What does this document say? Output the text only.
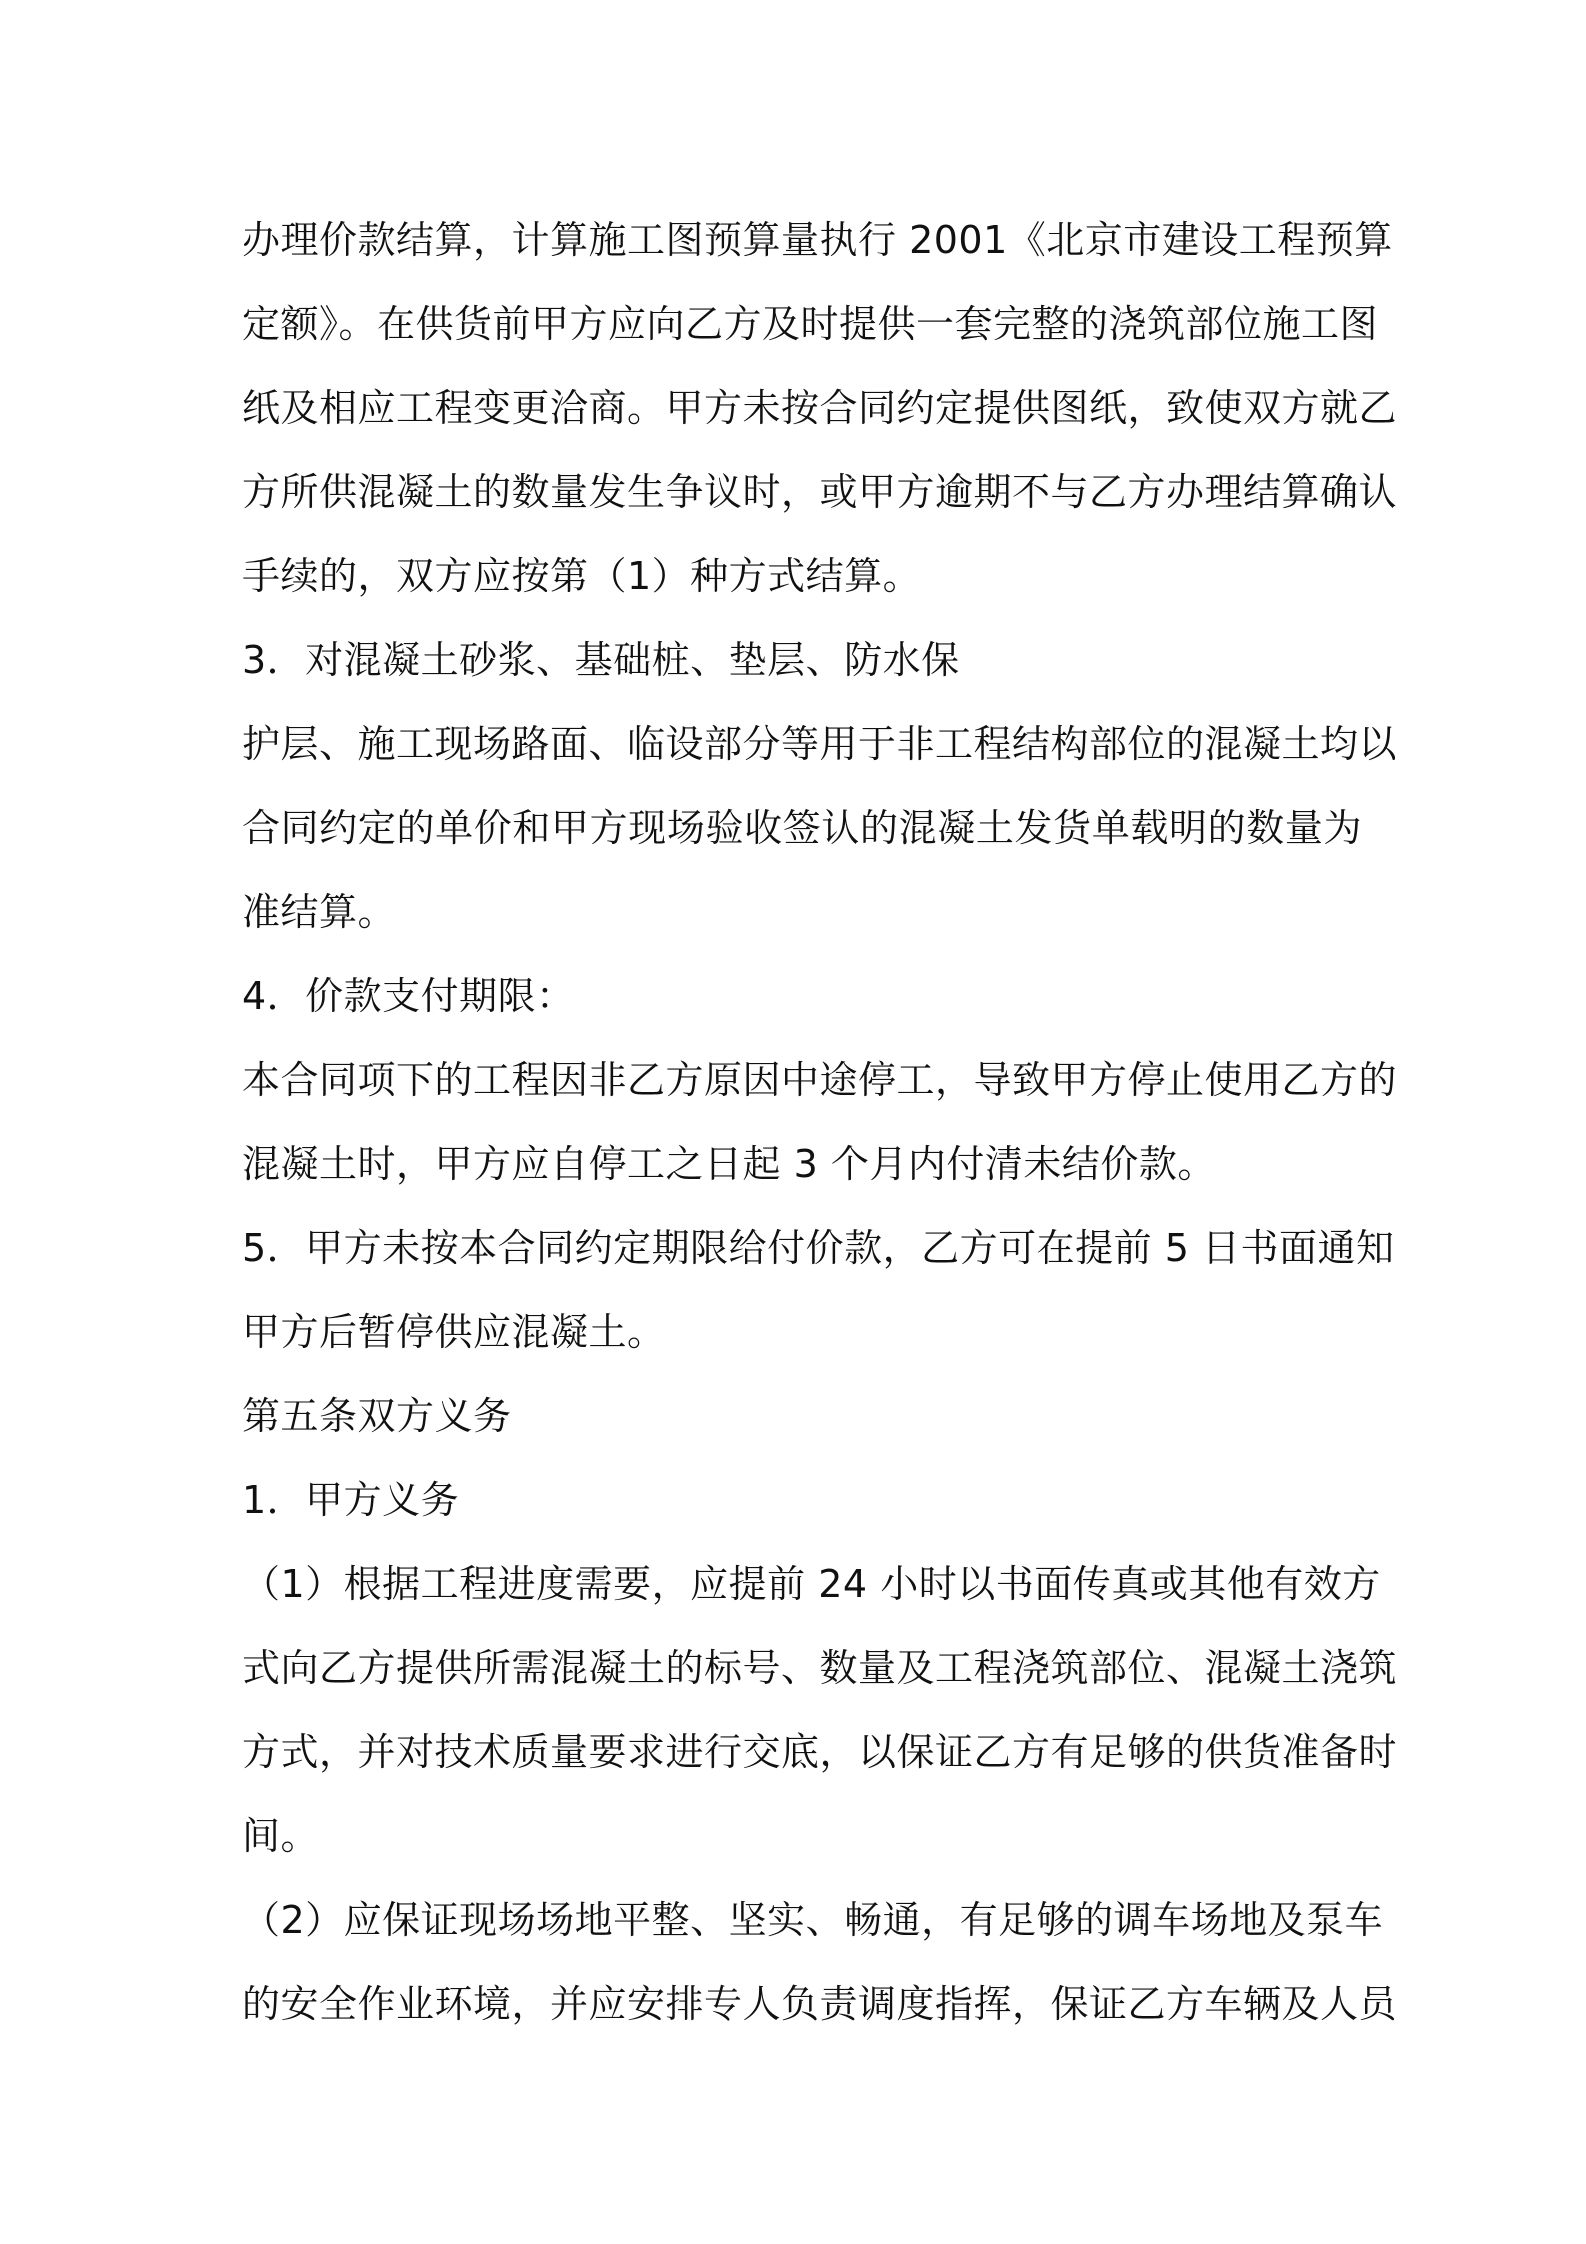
办理价款结算，计算施工图预算量执行 2001《北京市建设工程预算
定额》。在供货前甲方应向乙方及时提供一套完整的浇筑部位施工图
纸及相应工程变更洽商。甲方未按合同约定提供图纸，致使双方就乙
方所供混凝土的数量发生争议时，或甲方逾期不与乙方办理结算确认
手续的，双方应按第（1）种方式结算。
3．对混凝土砂浆、基础桩、垫层、防水保
护层、施工现场路面、临设部分等用于非工程结构部位的混凝土均以
合同约定的单价和甲方现场验收签认的混凝土发货单载明的数量为
准结算。
4．价款支付期限：
本合同项下的工程因非乙方原因中途停工，导致甲方停止使用乙方的
混凝土时，甲方应自停工之日起 3 个月内付清未结价款。
5．甲方未按本合同约定期限给付价款，乙方可在提前 5 日书面通知
甲方后暂停供应混凝土。
第五条双方义务
1．甲方义务
（1）根据工程进度需要，应提前 24 小时以书面传真或其他有效方
式向乙方提供所需混凝土的标号、数量及工程浇筑部位、混凝土浇筑
方式，并对技术质量要求进行交底，以保证乙方有足够的供货准备时
间。
（2）应保证现场场地平整、坚实、畅通，有足够的调车场地及泵车
的安全作业环境，并应安排专人负责调度指挥，保证乙方车辆及人员
